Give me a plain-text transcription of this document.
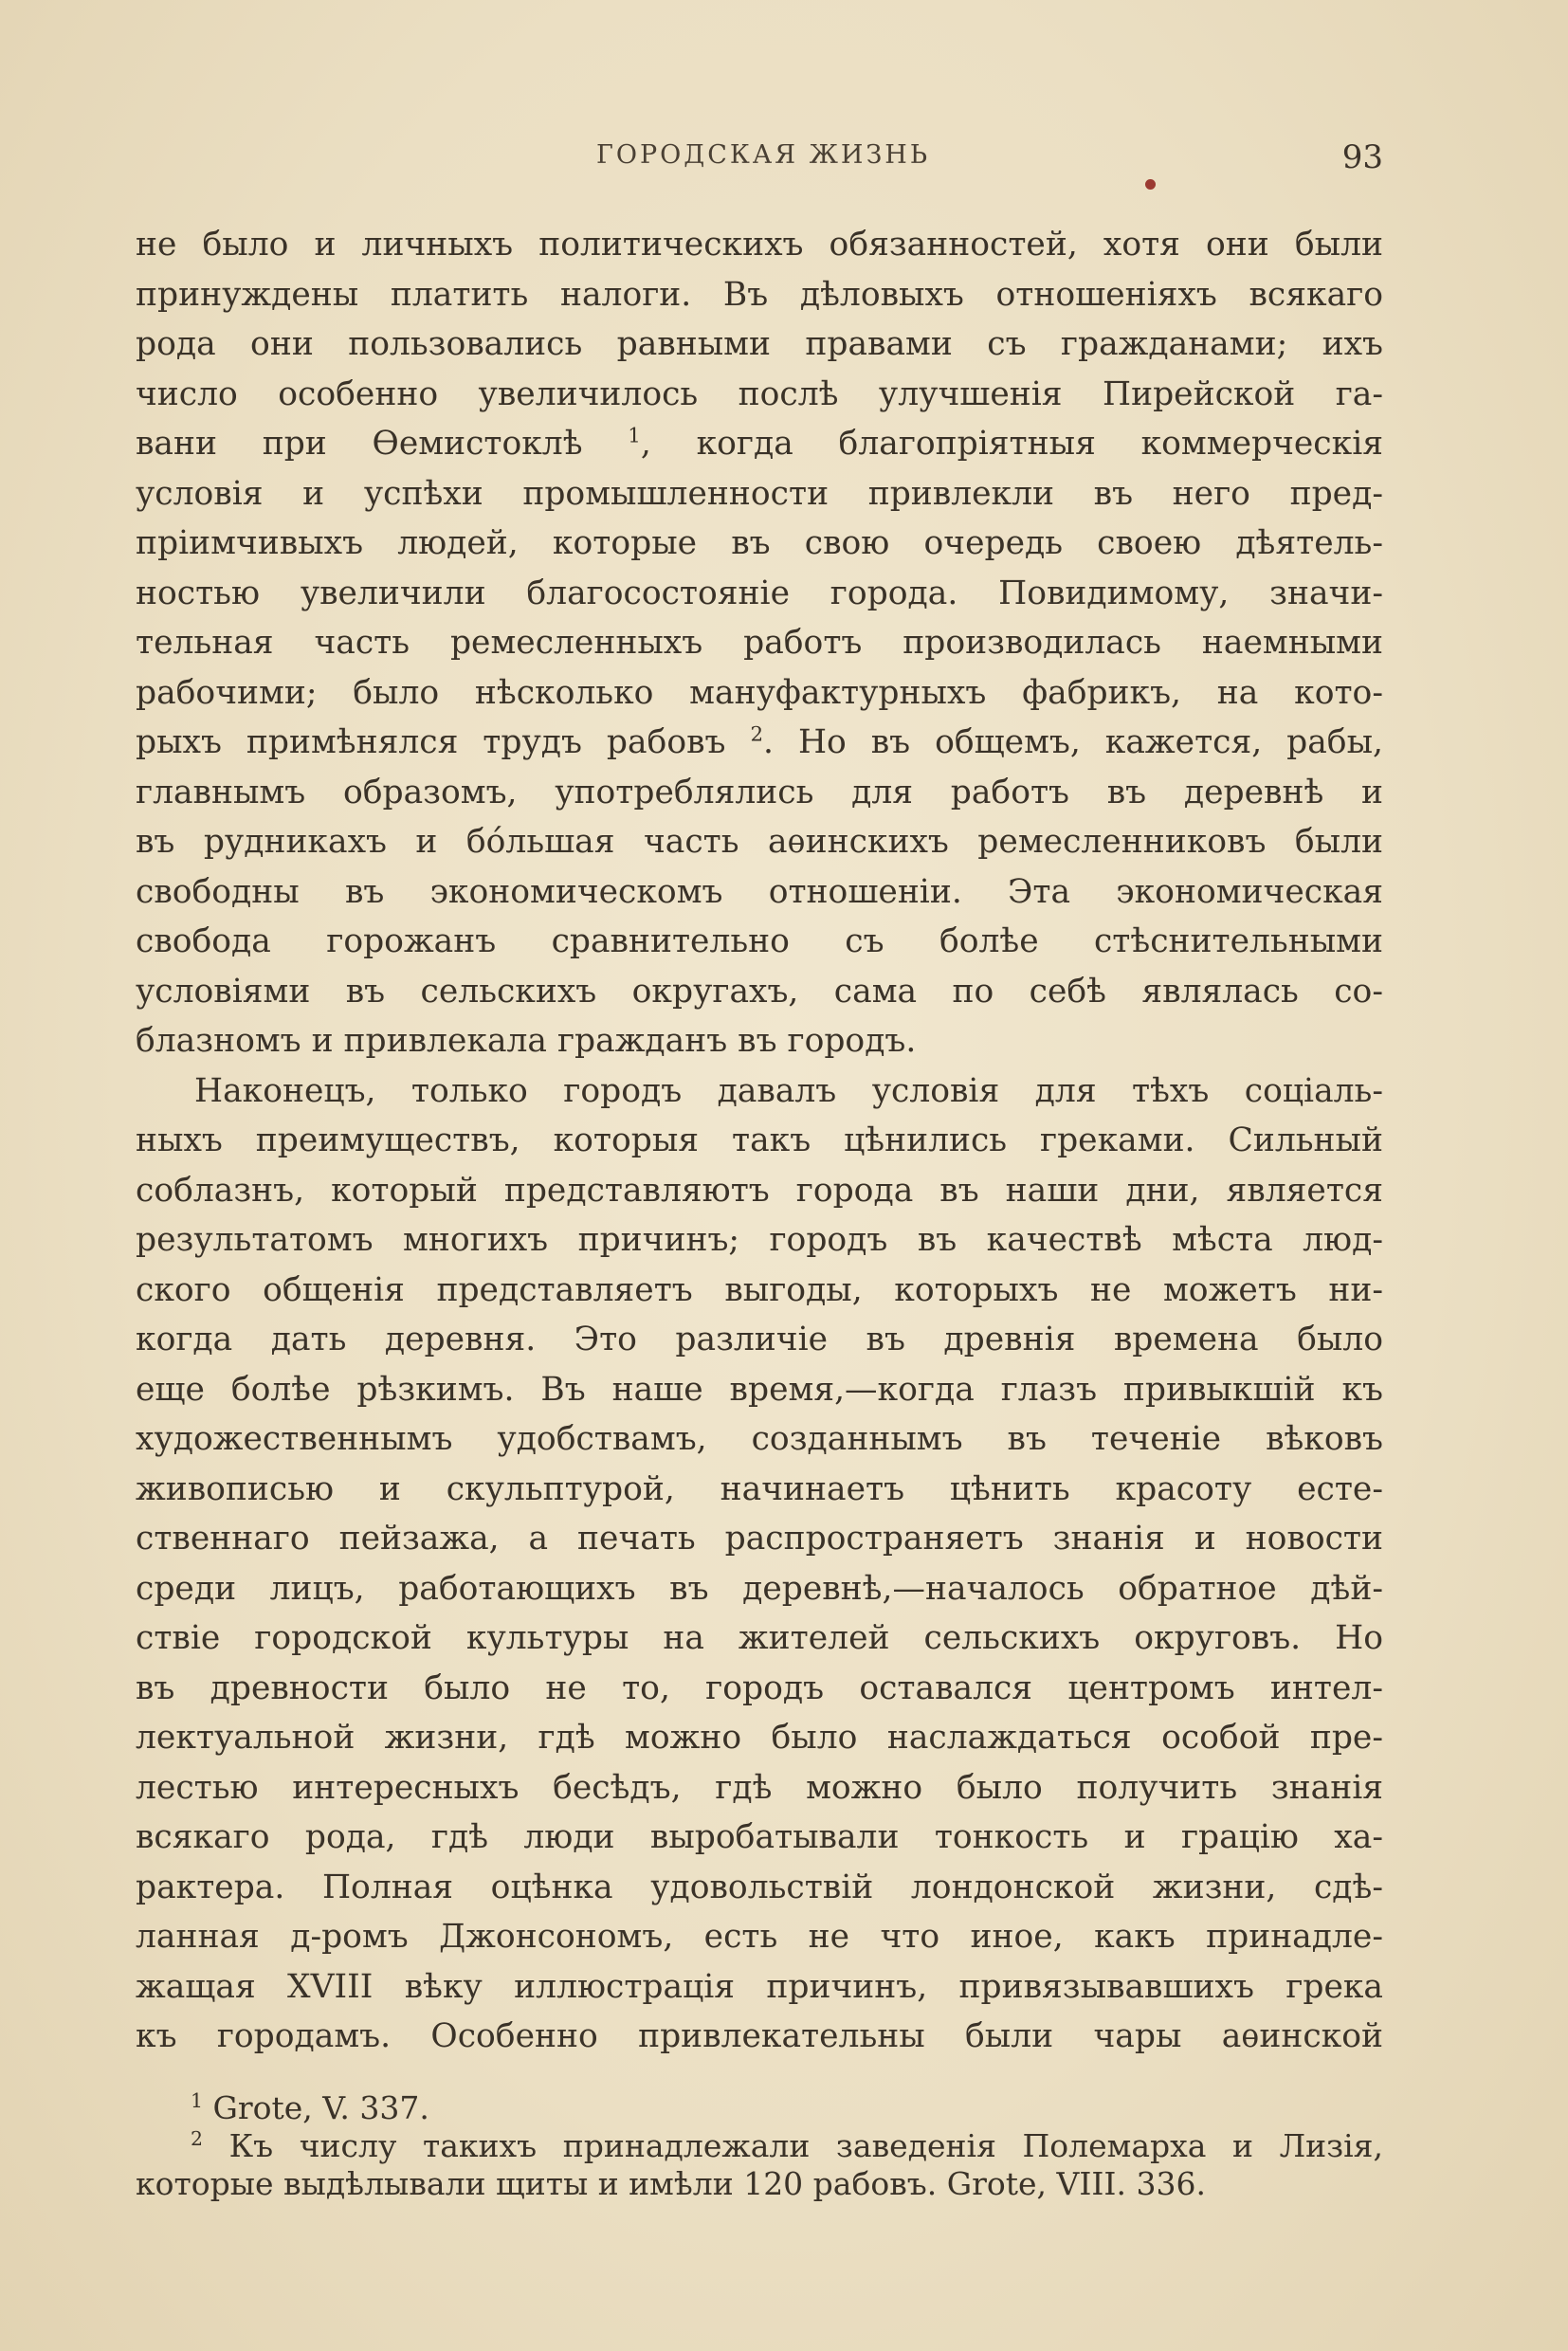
ГОРОДСКАЯ ЖИЗНЬ	93

не было и личныхъ политическихъ обязанностей, хотя они были
принуждены платить налоги. Въ дѣловыхъ отношеніяхъ всякаго
рода они пользовались равными правами съ гражданами; ихъ
число особенно увеличилось послѣ улучшенія Пирейской га-
вани при Ѳемистоклѣ $^1$, когда благопріятныя коммерческія
условія и успѣхи промышленности привлекли въ него пред-
пріимчивыхъ людей, которые въ свою очередь своею дѣятель-
ностью увеличили благосостояніе города. Повидимому, значи-
тельная часть ремесленныхъ работъ производилась наемными
рабочими; было нѣсколько мануфактурныхъ фабрикъ, на кото-
рыхъ примѣнялся трудъ рабовъ $^2$. Но въ общемъ, кажется, рабы,
главнымъ образомъ, употреблялись для работъ въ деревнѣ и
въ рудникахъ и бо́льшая часть аѳинскихъ ремесленниковъ были
свободны въ экономическомъ отношеніи. Эта экономическая
свобода горожанъ сравнительно съ болѣе стѣснительными
условіями въ сельскихъ округахъ, сама по себѣ являлась со-
блазномъ и привлекала гражданъ въ городъ.

Наконецъ, только городъ давалъ условія для тѣхъ соціаль-
ныхъ преимуществъ, которыя такъ цѣнились греками. Сильный
соблазнъ, который представляютъ города въ наши дни, является
результатомъ многихъ причинъ; городъ въ качествѣ мѣста люд-
ского общенія представляетъ выгоды, которыхъ не можетъ ни-
когда дать деревня. Это различіе въ древнія времена было
еще болѣе рѣзкимъ. Въ наше время,—когда глазъ привыкшій къ
художественнымъ удобствамъ, созданнымъ въ теченіе вѣковъ
живописью и скульптурой, начинаетъ цѣнить красоту есте-
ственнаго пейзажа, а печать распространяетъ знанія и новости
среди лицъ, работающихъ въ деревнѣ,—началось обратное дѣй-
ствіе городской культуры на жителей сельскихъ округовъ. Но
въ древности было не то, городъ оставался центромъ интел-
лектуальной жизни, гдѣ можно было наслаждаться особой пре-
лестью интересныхъ бесѣдъ, гдѣ можно было получить знанія
всякаго рода, гдѣ люди выробатывали тонкость и грацію ха-
рактера. Полная оцѣнка удовольствій лондонской жизни, сдѣ-
ланная д-ромъ Джонсономъ, есть не что иное, какъ принадле-
жащая XVIII вѣку иллюстрація причинъ, привязывавшихъ грека
къ городамъ. Особенно привлекательны были чары аѳинской

$^1$ Grote, V. 337.
$^2$ Къ числу такихъ принадлежали заведенія Полемарха и Лизія,
которые выдѣлывали щиты и имѣли 120 рабовъ. Grote, VIII. 336.
